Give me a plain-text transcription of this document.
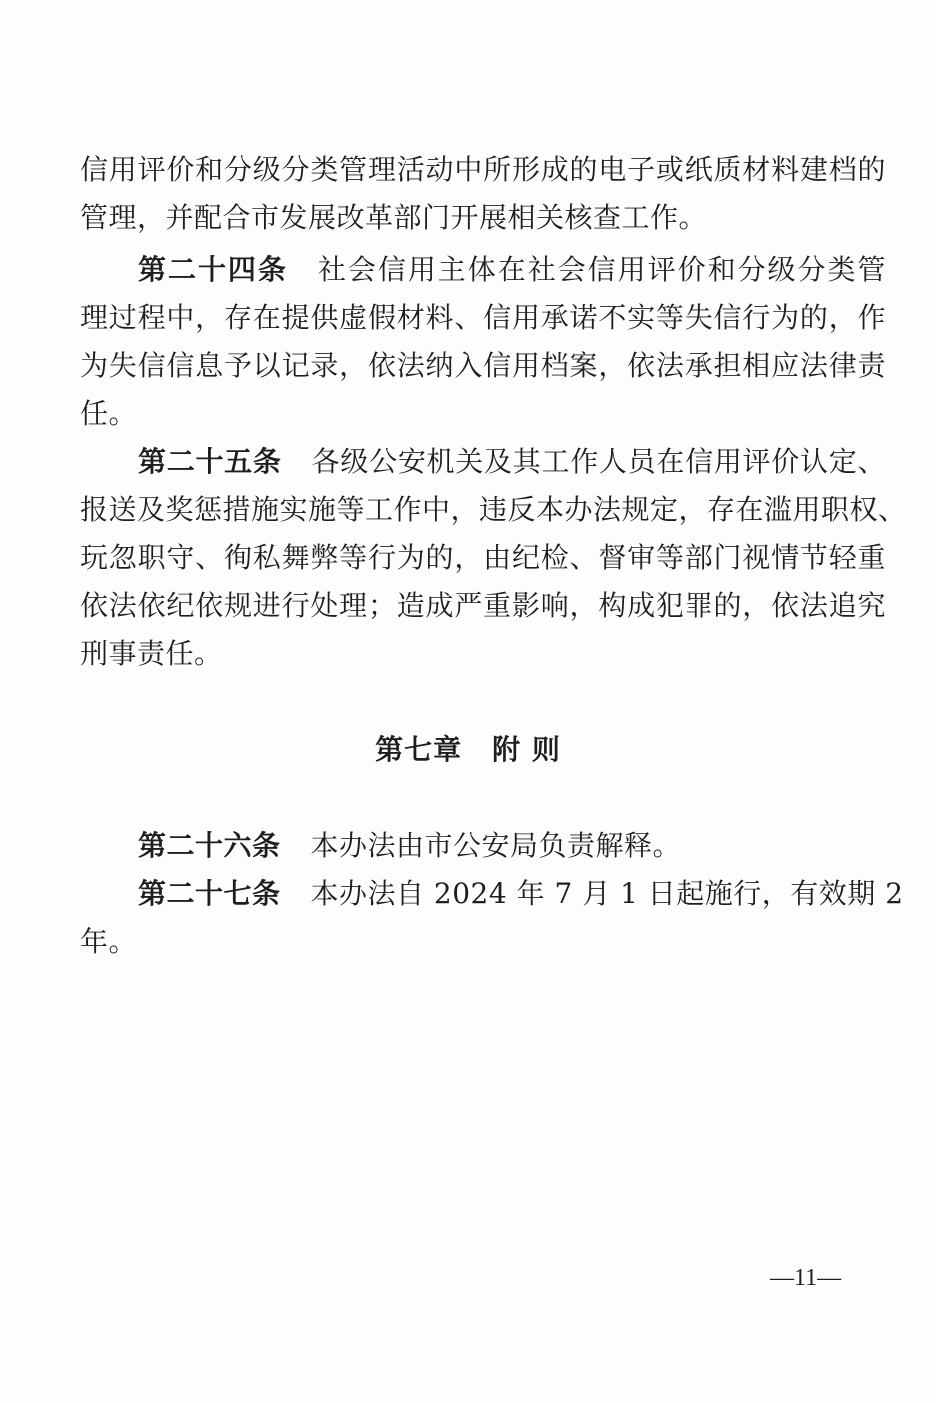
信用评价和分级分类管理活动中所形成的电子或纸质材料建档的
管理，并配合市发展改革部门开展相关核查工作。
第二十四条 社会信用主体在社会信用评价和分级分类管
理过程中，存在提供虚假材料、信用承诺不实等失信行为的，作
为失信信息予以记录，依法纳入信用档案，依法承担相应法律责
任。
第二十五条 各级公安机关及其工作人员在信用评价认定、
报送及奖惩措施实施等工作中，违反本办法规定，存在滥用职权、
玩忽职守、徇私舞弊等行为的，由纪检、督审等部门视情节轻重
依法依纪依规进行处理；造成严重影响，构成犯罪的，依法追究
刑事责任。
第七章 附 则
第二十六条 本办法由市公安局负责解释。
第二十七条 本办法自 2024 年 7 月 1 日起施行，有效期 2
年。
—11—
